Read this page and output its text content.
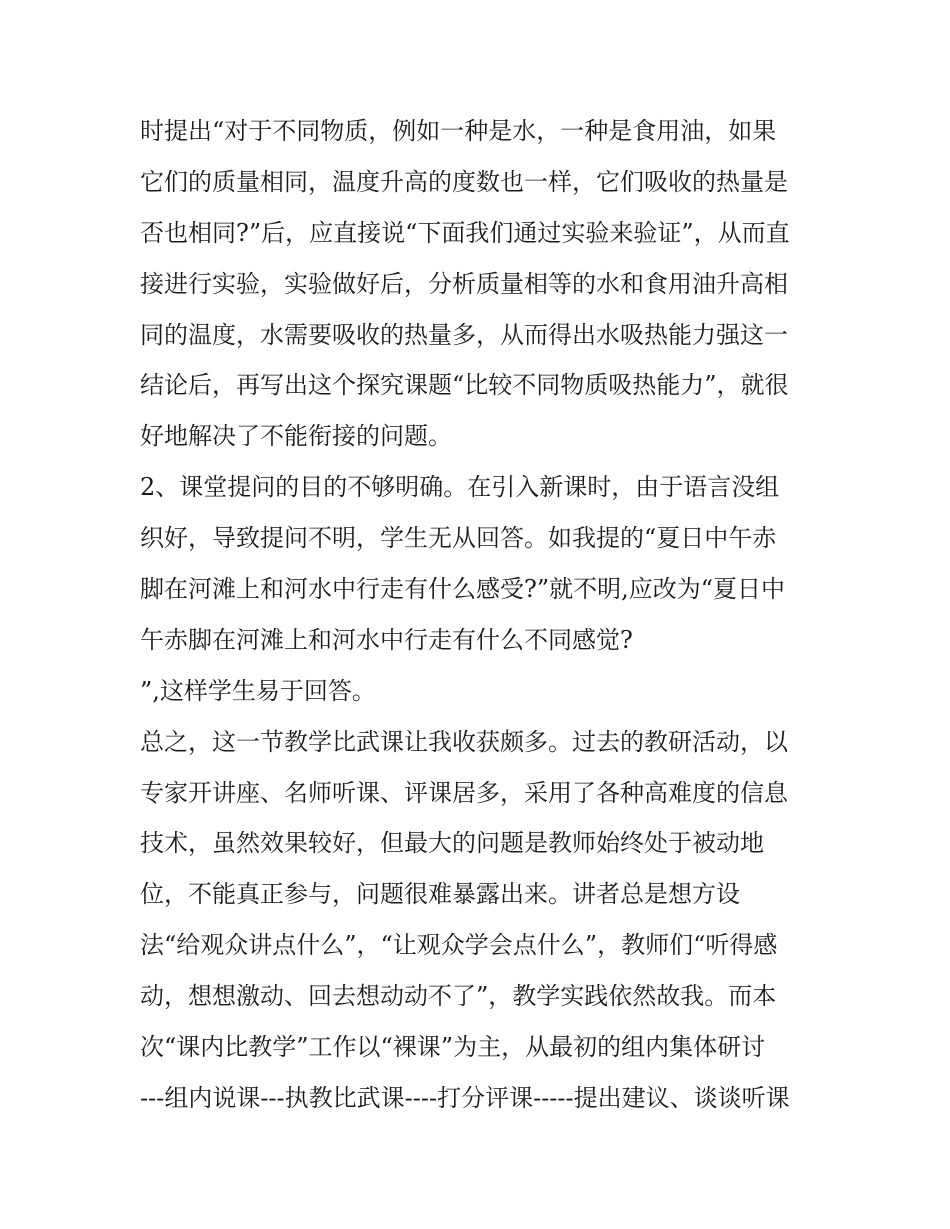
时提出“对于不同物质，例如一种是水，一种是食用油，如果
它们的质量相同，温度升高的度数也一样，它们吸收的热量是
否也相同?”后，应直接说“下面我们通过实验来验证”，从而直
接进行实验，实验做好后，分析质量相等的水和食用油升高相
同的温度，水需要吸收的热量多，从而得出水吸热能力强这一
结论后，再写出这个探究课题“比较不同物质吸热能力”，就很
好地解决了不能衔接的问题。
2、课堂提问的目的不够明确。在引入新课时，由于语言没组
织好，导致提问不明，学生无从回答。如我提的“夏日中午赤
脚在河滩上和河水中行走有什么感受?”就不明,应改为“夏日中
午赤脚在河滩上和河水中行走有什么不同感觉?
”,这样学生易于回答。
总之，这一节教学比武课让我收获颇多。过去的教研活动，以
专家开讲座、名师听课、评课居多，采用了各种高难度的信息
技术，虽然效果较好，但最大的问题是教师始终处于被动地
位，不能真正参与，问题很难暴露出来。讲者总是想方设
法“给观众讲点什么”，“让观众学会点什么”，教师们“听得感
动，想想激动、回去想动动不了”，教学实践依然故我。而本
次“课内比教学”工作以“裸课”为主，从最初的组内集体研讨
---组内说课---执教比武课----打分评课-----提出建议、谈谈听课
